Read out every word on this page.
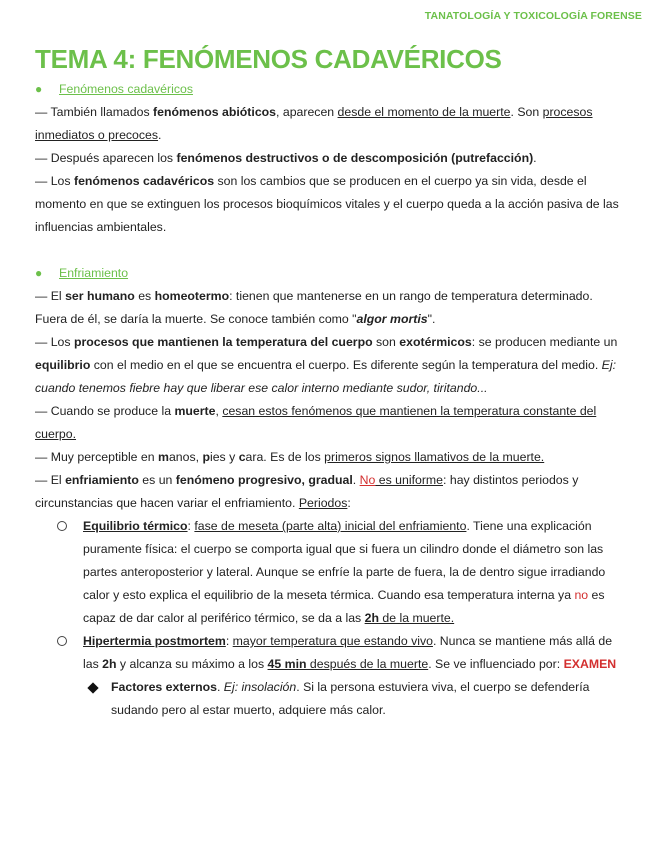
TANATOLOGÍA Y TOXICOLOGÍA FORENSE
TEMA 4: FENÓMENOS CADAVÉRICOS
●	Fenómenos cadavéricos

— También llamados fenómenos abióticos, aparecen desde el momento de la muerte. Son procesos inmediatos o precoces.

— Después aparecen los fenómenos destructivos o de descomposición (putrefacción).

— Los fenómenos cadavéricos son los cambios que se producen en el cuerpo ya sin vida, desde el momento en que se extinguen los procesos bioquímicos vitales y el cuerpo queda a la acción pasiva de las influencias ambientales.

●	Enfriamiento

— El ser humano es homeotermo: tienen que mantenerse en un rango de temperatura determinado. Fuera de él, se daría la muerte. Se conoce también como "algor mortis".

— Los procesos que mantienen la temperatura del cuerpo son exotérmicos: se producen mediante un equilibrio con el medio en el que se encuentra el cuerpo. Es diferente según la temperatura del medio. Ej: cuando tenemos fiebre hay que liberar ese calor interno mediante sudor, tiritando...

— Cuando se produce la muerte, cesan estos fenómenos que mantienen la temperatura constante del cuerpo.

— Muy perceptible en manos, pies y cara. Es de los primeros signos llamativos de la muerte.

— El enfriamiento es un fenómeno progresivo, gradual. No es uniforme: hay distintos periodos y circunstancias que hacen variar el enfriamiento. Periodos:

Equilibrio térmico: fase de meseta (parte alta) inicial del enfriamiento. Tiene una explicación puramente física: el cuerpo se comporta igual que si fuera un cilindro donde el diámetro son las partes anteroposterior y lateral. Aunque se enfríe la parte de fuera, la de dentro sigue irradiando calor y esto explica el equilibrio de la meseta térmica. Cuando esa temperatura interna ya no es capaz de dar calor al periférico térmico, se da a las 2h de la muerte.
Hipertermia postmortem: mayor temperatura que estando vivo. Nunca se mantiene más allá de las 2h y alcanza su máximo a los 45 min después de la muerte. Se ve influenciado por: EXAMEN
Factores externos. Ej: insolación. Si la persona estuviera viva, el cuerpo se defendería sudando pero al estar muerto, adquiere más calor.
